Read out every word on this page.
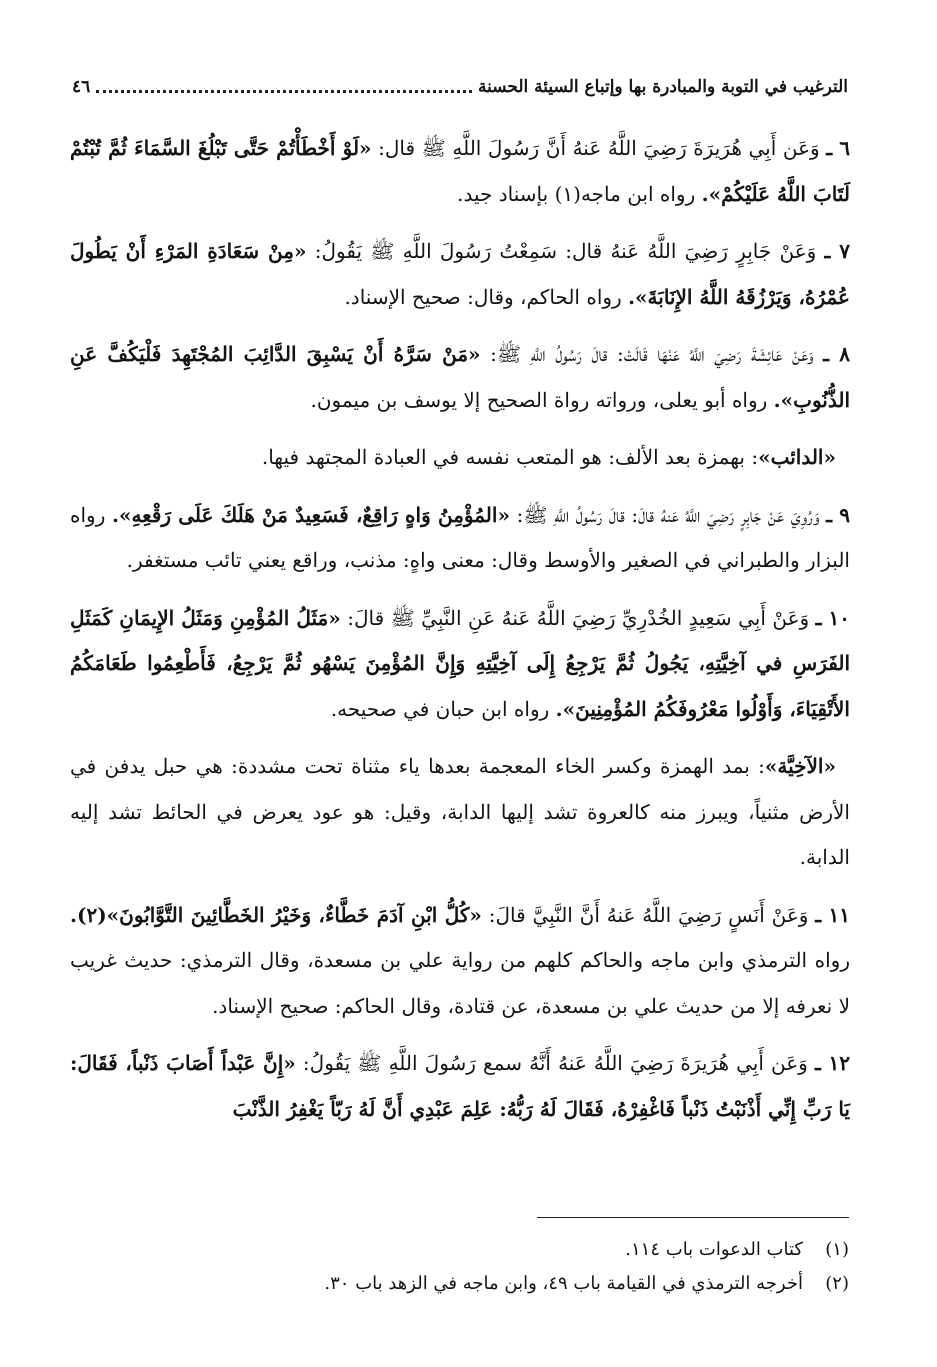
الترغيب في التوبة والمبادرة بها وإتباع السيئة الحسنة
٤٦

٦ ـ وَعَن أَبِي هُرَيرَةَ رَضِيَ اللَّهُ عَنهُ أَنَّ رَسُولَ اللَّهِ ﷺ قال: «لَوْ أَخْطَأْتُمْ حَتَّى تَبْلُغَ السَّمَاءَ ثُمَّ تُبْتُمْ لَتَابَ اللَّهُ عَلَيْكُمْ». رواه ابن ماجه(١) بإسناد جيد.

٧ ـ وَعَنْ جَابِرٍ رَضِيَ اللَّهُ عَنهُ قال: سَمِعْتُ رَسُولَ اللَّهِ ﷺ يَقُولُ: «مِنْ سَعَادَةِ المَرْءِ أَنْ يَطُولَ عُمْرُهُ، وَيَرْزُقَهُ اللَّهُ الإِنَابَةَ». رواه الحاكم، وقال: صحيح الإسناد.

٨ ـ وَعَنْ عَائِشَةَ رَضِيَ اللَّهُ عَنْهَا قَالَتْ: قالَ رَسُولُ اللَّهِ ﷺ: «مَنْ سَرَّهُ أَنْ يَسْبِقَ الدَّائِبَ المُجْتَهِدَ فَلْيَكُفَّ عَنِ الذُّنُوبِ». رواه أبو يعلى، ورواته رواة الصحيح إلا يوسف بن ميمون.

«الدائب»: بهمزة بعد الألف: هو المتعب نفسه في العبادة المجتهد فيها.

٩ ـ وَرُوِيَ عَنْ جَابِرٍ رَضِيَ اللَّهُ عَنهُ قالَ: قالَ رَسُولُ اللَّهِ ﷺ: «المُؤْمِنُ وَاهٍ رَاقِعٌ، فَسَعِيدٌ مَنْ هَلَكَ عَلَى رَقْعِهِ». رواه البزار والطبراني في الصغير والأوسط وقال: معنى واهٍ: مذنب، وراقع يعني تائب مستغفر.

١٠ ـ وَعَنْ أَبِي سَعِيدٍ الخُدْرِيِّ رَضِيَ اللَّهُ عَنهُ عَنِ النَّبِيِّ ﷺ قالَ: «مَثَلُ المُؤْمِنِ وَمَثَلُ الإِيمَانِ كَمَثَلِ الفَرَسِ في آخِيَّتِهِ، يَجُولُ ثُمَّ يَرْجِعُ إِلَى آخِيَّتِهِ وَإِنَّ المُؤْمِنَ يَسْهُو ثُمَّ يَرْجِعُ، فَأَطْعِمُوا طَعَامَكُمُ الأَتْقِيَاءَ، وَأَوْلُوا مَعْرُوفَكُمُ المُؤْمِنِينَ». رواه ابن حبان في صحيحه.

«الآخِيَّة»: بمد الهمزة وكسر الخاء المعجمة بعدها ياء مثناة تحت مشددة: هي حبل يدفن في الأرض مثنياً، ويبرز منه كالعروة تشد إليها الدابة، وقيل: هو عود يعرض في الحائط تشد إليه الدابة.

١١ ـ وَعَنْ أَنَسٍ رَضِيَ اللَّهُ عَنهُ أَنَّ النَّبِيَّ قالَ: «كُلُّ ابْنِ آدَمَ خَطَّاءٌ، وَخَيْرُ الخَطَّائِينَ التَّوَّابُونَ»(٢). رواه الترمذي وابن ماجه والحاكم كلهم من رواية علي بن مسعدة، وقال الترمذي: حديث غريب لا نعرفه إلا من حديث علي بن مسعدة، عن قتادة، وقال الحاكم: صحيح الإسناد.

١٢ ـ وَعَن أَبِي هُرَيرَةَ رَضِيَ اللَّهُ عَنهُ أَنَّهُ سمع رَسُولَ اللَّهِ ﷺ يَقُولُ: «إِنَّ عَبْداً أَصَابَ ذَنْباً، فَقَالَ: يَا رَبِّ إِنِّي أَذْنَبْتُ ذَنْباً فَاغْفِرْهُ، فَقَالَ لَهُ رَبُّهُ: عَلِمَ عَبْدِي أَنَّ لَهُ رَبّاً يَغْفِرُ الذَّنْبَ

(١)
كتاب الدعوات باب ١١٤.
(٢)
أخرجه الترمذي في القيامة باب ٤٩، وابن ماجه في الزهد باب ٣٠.
